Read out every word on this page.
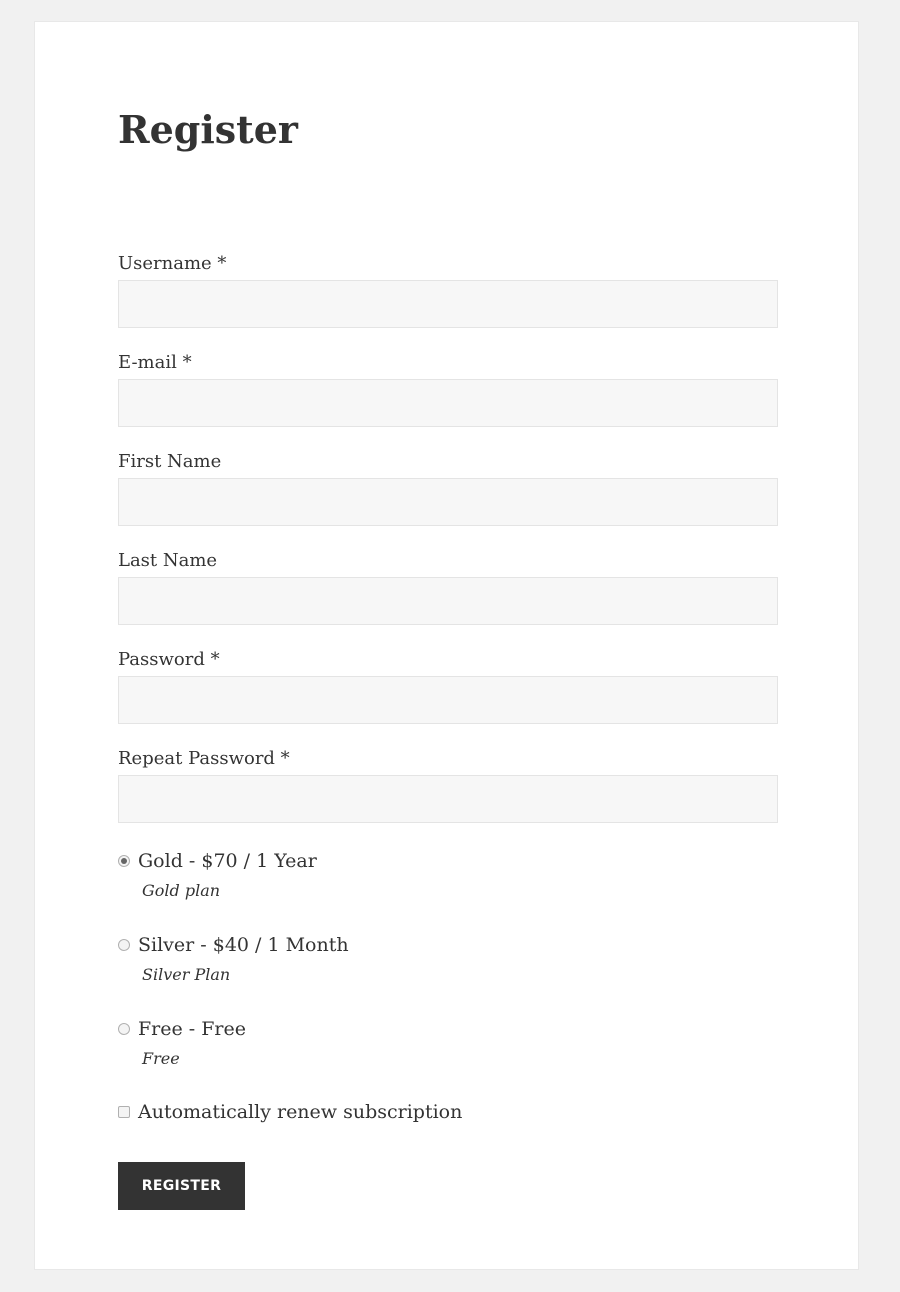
Register
Username *
E-mail *
First Name
Last Name
Password *
Repeat Password *
Gold - $70 / 1 Year
Gold plan
Silver - $40 / 1 Month
Silver Plan
Free - Free
Free
Automatically renew subscription
REGISTER
